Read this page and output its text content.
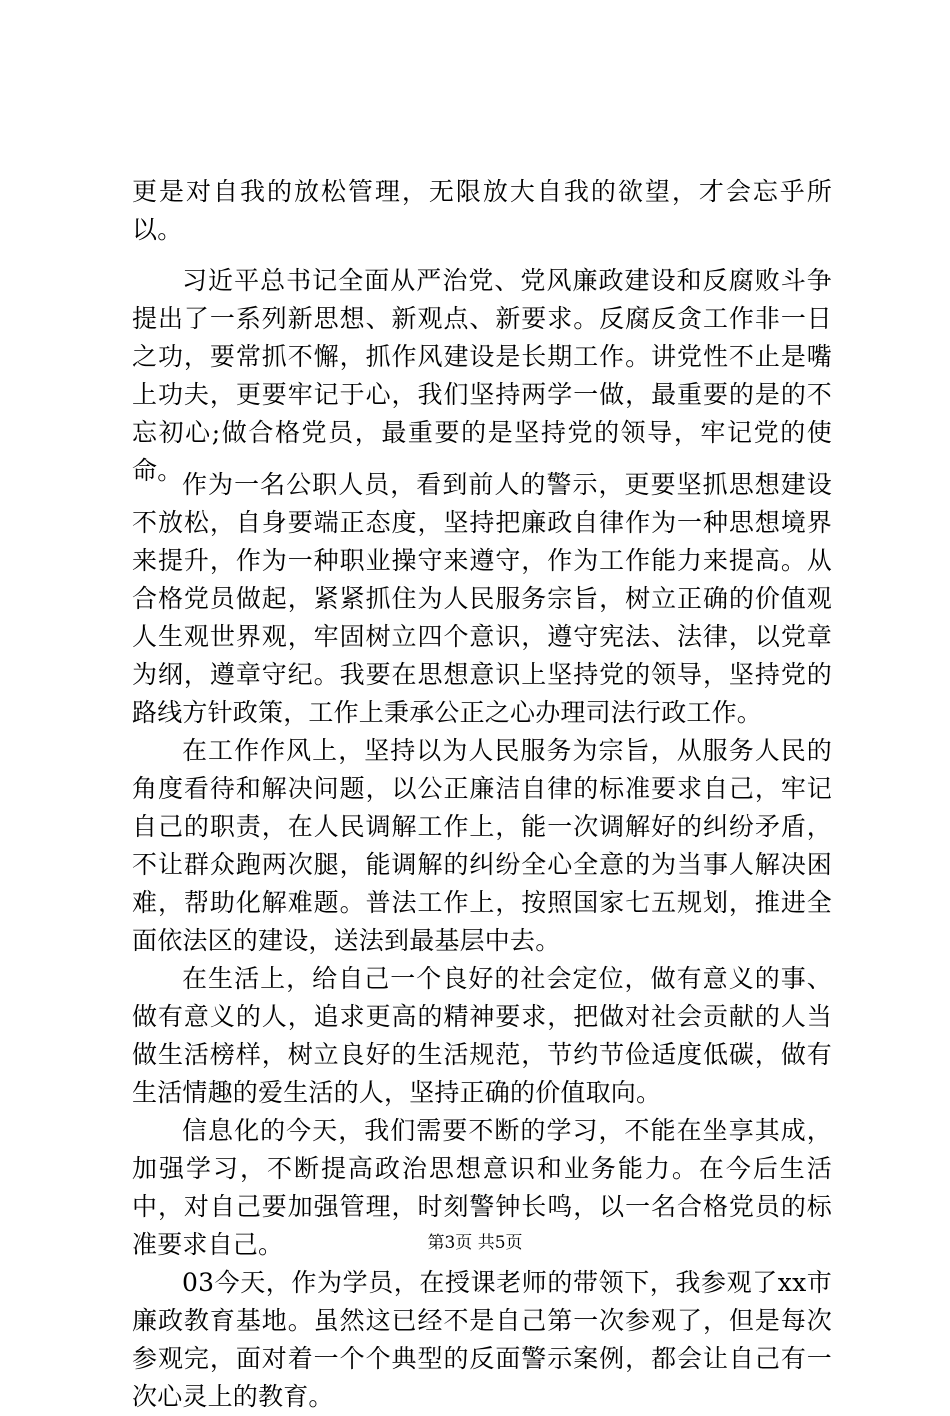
更是对自我的放松管理，无限放大自我的欲望，才会忘乎所以。

习近平总书记全面从严治党、党风廉政建设和反腐败斗争提出了一系列新思想、新观点、新要求。反腐反贪工作非一日之功，要常抓不懈，抓作风建设是长期工作。讲党性不止是嘴上功夫，更要牢记于心，我们坚持两学一做，最重要的是的不忘初心;做合格党员，最重要的是坚持党的领导，牢记党的使命。 作为一名公职人员，看到前人的警示，更要坚抓思想建设不放松，自身要端正态度，坚持把廉政自律作为一种思想境界来提升，作为一种职业操守来遵守，作为工作能力来提高。从合格党员做起，紧紧抓住为人民服务宗旨，树立正确的价值观人生观世界观，牢固树立四个意识，遵守宪法、法律，以党章为纲，遵章守纪。我要在思想意识上坚持党的领导，坚持党的路线方针政策，工作上秉承公正之心办理司法行政工作。

在工作作风上，坚持以为人民服务为宗旨，从服务人民的角度看待和解决问题，以公正廉洁自律的标准要求自己，牢记自己的职责，在人民调解工作上，能一次调解好的纠纷矛盾，不让群众跑两次腿，能调解的纠纷全心全意的为当事人解决困难，帮助化解难题。普法工作上，按照国家七五规划，推进全面依法区的建设，送法到最基层中去。

在生活上，给自己一个良好的社会定位，做有意义的事、做有意义的人，追求更高的精神要求，把做对社会贡献的人当做生活榜样，树立良好的生活规范，节约节俭适度低碳，做有生活情趣的爱生活的人，坚持正确的价值取向。

信息化的今天，我们需要不断的学习，不能在坐享其成，加强学习，不断提高政治思想意识和业务能力。在今后生活中，对自己要加强管理，时刻警钟长鸣，以一名合格党员的标准要求自己。

03今天，作为学员，在授课老师的带领下，我参观了xx市廉政教育基地。虽然这已经不是自己第一次参观了，但是每次参观完，面对着一个个典型的反面警示案例，都会让自己有一次心灵上的教育。

第3页 共5页
